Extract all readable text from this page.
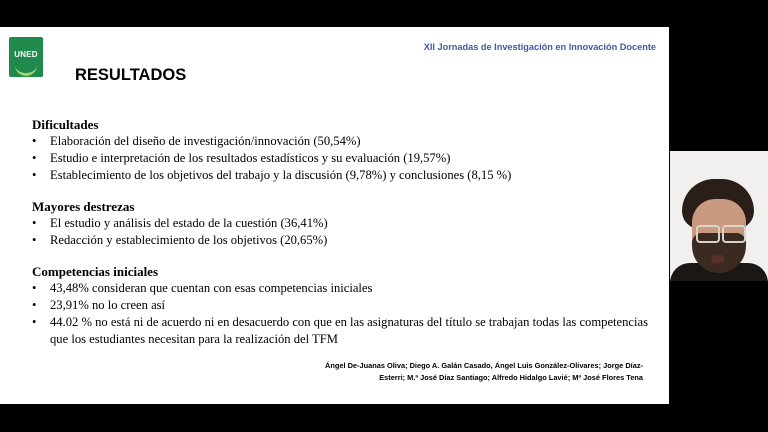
UNED
XII Jornadas de Investigación en Innovación Docente
RESULTADOS
Dificultades
•	Elaboración del diseño de investigación/innovación (50,54%)
•	Estudio e interpretación de los resultados estadísticos y su evaluación (19,57%)
•	Establecimiento de los objetivos del trabajo y la discusión (9,78%) y conclusiones (8,15 %)
Mayores destrezas
•	El estudio y análisis del estado de la cuestión (36,41%)
•	Redacción y establecimiento de los objetivos (20,65%)
Competencias iniciales
•	43,48% consideran que cuentan con esas competencias iniciales
•	23,91% no lo creen así
•	44.02 % no está ni de acuerdo ni en desacuerdo con que en las asignaturas del título se trabajan todas las competencias que los estudiantes necesitan para la realización del TFM
Ángel De-Juanas Oliva; Diego A. Galán Casado, Ángel Luis González-Olivares; Jorge Díaz-
Esterri; M.ª José Díaz Santiago; Alfredo Hidalgo Lavié; Mª José Flores Tena
